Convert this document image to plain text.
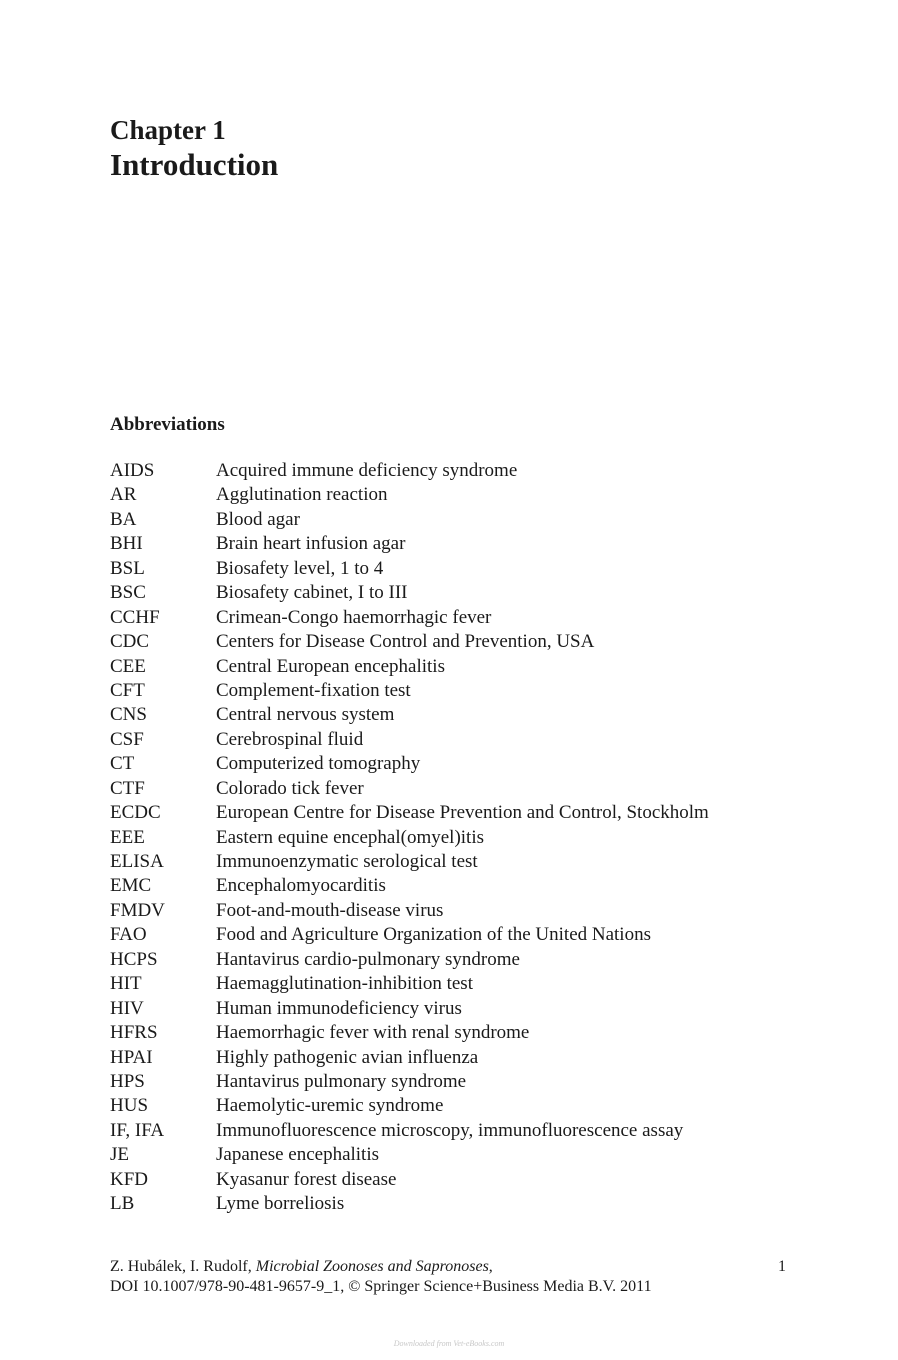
Chapter 1
Introduction
Abbreviations
AIDS	Acquired immune deficiency syndrome
AR	Agglutination reaction
BA	Blood agar
BHI	Brain heart infusion agar
BSL	Biosafety level, 1 to 4
BSC	Biosafety cabinet, I to III
CCHF	Crimean-Congo haemorrhagic fever
CDC	Centers for Disease Control and Prevention, USA
CEE	Central European encephalitis
CFT	Complement-fixation test
CNS	Central nervous system
CSF	Cerebrospinal fluid
CT	Computerized tomography
CTF	Colorado tick fever
ECDC	European Centre for Disease Prevention and Control, Stockholm
EEE	Eastern equine encephal(omyel)itis
ELISA	Immunoenzymatic serological test
EMC	Encephalomyocarditis
FMDV	Foot-and-mouth-disease virus
FAO	Food and Agriculture Organization of the United Nations
HCPS	Hantavirus cardio-pulmonary syndrome
HIT	Haemagglutination-inhibition test
HIV	Human immunodeficiency virus
HFRS	Haemorrhagic fever with renal syndrome
HPAI	Highly pathogenic avian influenza
HPS	Hantavirus pulmonary syndrome
HUS	Haemolytic-uremic syndrome
IF, IFA	Immunofluorescence microscopy, immunofluorescence assay
JE	Japanese encephalitis
KFD	Kyasanur forest disease
LB	Lyme borreliosis
Z. Hubálek, I. Rudolf, Microbial Zoonoses and Sapronoses,
DOI 10.1007/978-90-481-9657-9_1, © Springer Science+Business Media B.V. 2011
1
Downloaded from Vet-eBooks.com
